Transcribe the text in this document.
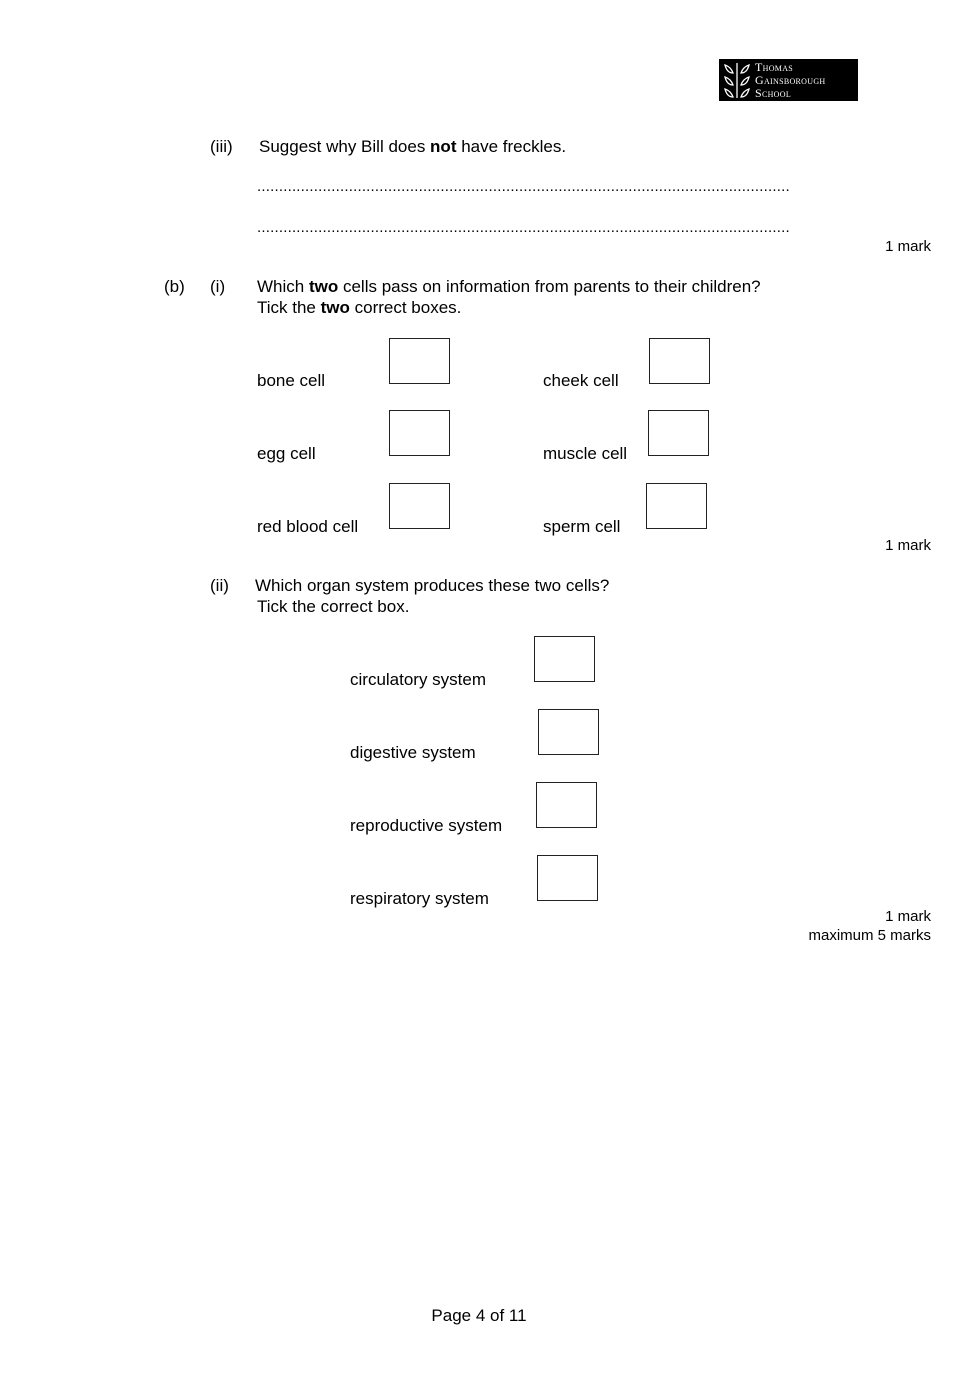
Thomas
Gainsborough
School
(iii) Suggest why Bill does not have freckles.
..........................................................................................................................
..........................................................................................................................
1 mark
(b) (i) Which two cells pass on information from parents to their children?
Tick the two correct boxes.
bone cell	cheek cell
egg cell	muscle cell
red blood cell	sperm cell
1 mark
(ii) Which organ system produces these two cells?
Tick the correct box.
circulatory system
digestive system
reproductive system
respiratory system
1 mark
maximum 5 marks
Page 4 of 11
